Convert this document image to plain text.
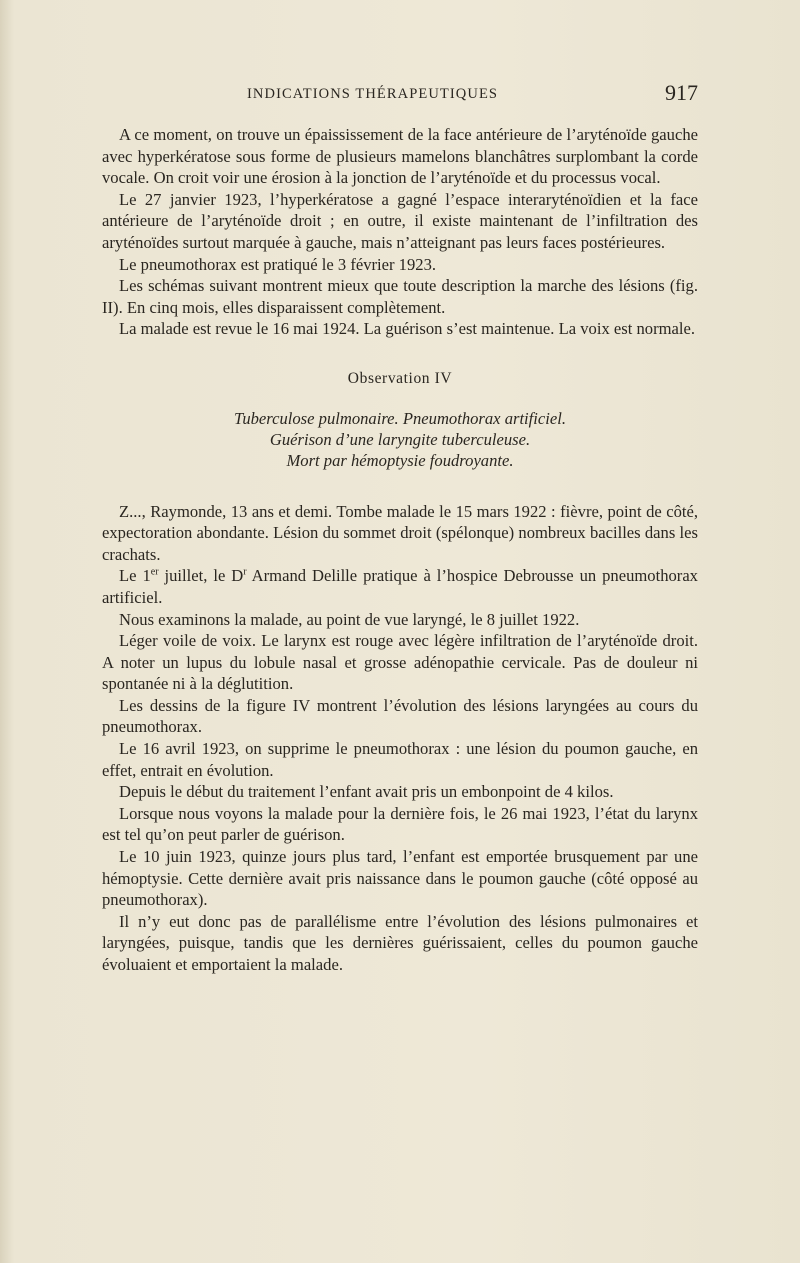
INDICATIONS THÉRAPEUTIQUES	917

A ce moment, on trouve un épaississement de la face antérieure de l’aryténoïde gauche avec hyperkératose sous forme de plusieurs mamelons blanchâtres surplombant la corde vocale. On croit voir une érosion à la jonction de l’aryténoïde et du processus vocal.

Le 27 janvier 1923, l’hyperkératose a gagné l’espace interaryténoïdien et la face antérieure de l’aryténoïde droit ; en outre, il existe maintenant de l’infiltration des aryténoïdes surtout marquée à gauche, mais n’atteignant pas leurs faces postérieures.

Le pneumothorax est pratiqué le 3 février 1923.

Les schémas suivant montrent mieux que toute description la marche des lésions (fig. II). En cinq mois, elles disparaissent complètement.

La malade est revue le 16 mai 1924. La guérison s’est maintenue. La voix est normale.

Observation IV
Tuberculose pulmonaire. Pneumothorax artificiel.
Guérison d’une laryngite tuberculeuse.
Mort par hémoptysie foudroyante.

Z..., Raymonde, 13 ans et demi. Tombe malade le 15 mars 1922 : fièvre, point de côté, expectoration abondante. Lésion du sommet droit (spélonque) nombreux bacilles dans les crachats.

Le 1er juillet, le $D^r$ Armand Delille pratique à l’hospice Debrousse un pneumothorax artificiel.

Nous examinons la malade, au point de vue laryngé, le 8 juillet 1922.

Léger voile de voix. Le larynx est rouge avec légère infiltration de l’aryténoïde droit. A noter un lupus du lobule nasal et grosse adénopathie cervicale. Pas de douleur ni spontanée ni à la déglutition.

Les dessins de la figure IV montrent l’évolution des lésions laryngées au cours du pneumothorax.

Le 16 avril 1923, on supprime le pneumothorax : une lésion du poumon gauche, en effet, entrait en évolution.

Depuis le début du traitement l’enfant avait pris un embonpoint de 4 kilos.

Lorsque nous voyons la malade pour la dernière fois, le 26 mai 1923, l’état du larynx est tel qu’on peut parler de guérison.

Le 10 juin 1923, quinze jours plus tard, l’enfant est emportée brusquement par une hémoptysie. Cette dernière avait pris naissance dans le poumon gauche (côté opposé au pneumothorax).

Il n’y eut donc pas de parallélisme entre l’évolution des lésions pulmonaires et laryngées, puisque, tandis que les dernières guérissaient, celles du poumon gauche évoluaient et emportaient la malade.
